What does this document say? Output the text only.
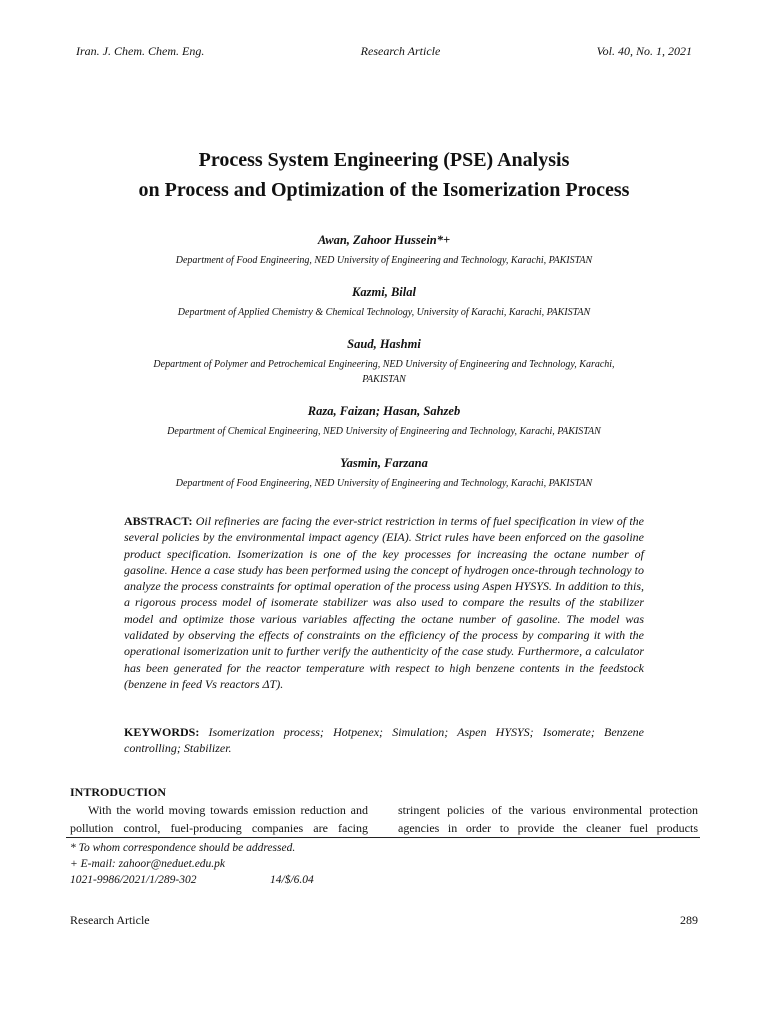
Iran. J. Chem. Chem. Eng.	Research Article	Vol. 40, No. 1, 2021
Process System Engineering (PSE) Analysis
on Process and Optimization of the Isomerization Process
Awan, Zahoor Hussein*+
Department of Food Engineering, NED University of Engineering and Technology, Karachi, PAKISTAN
Kazmi, Bilal
Department of Applied Chemistry & Chemical Technology, University of Karachi, Karachi, PAKISTAN
Saud, Hashmi
Department of Polymer and Petrochemical Engineering, NED University of Engineering and Technology, Karachi, PAKISTAN
Raza, Faizan; Hasan, Sahzeb
Department of Chemical Engineering, NED University of Engineering and Technology, Karachi, PAKISTAN
Yasmin, Farzana
Department of Food Engineering, NED University of Engineering and Technology, Karachi, PAKISTAN
ABSTRACT: Oil refineries are facing the ever-strict restriction in terms of fuel specification in view of the several policies by the environmental impact agency (EIA). Strict rules have been enforced on the gasoline product specification. Isomerization is one of the key processes for increasing the octane number of gasoline. Hence a case study has been performed using the concept of hydrogen once-through technology to analyze the process constraints for optimal operation of the process using Aspen HYSYS. In addition to this, a rigorous process model of isomerate stabilizer was also used to compare the results of the stabilizer model and optimize those various variables affecting the octane number of gasoline. The model was validated by observing the effects of constraints on the efficiency of the process by comparing it with the operational isomerization unit to further verify the authenticity of the case study. Furthermore, a calculator has been generated for the reactor temperature with respect to high benzene contents in the feedstock (benzene in feed Vs reactors ΔT).
KEYWORDS: Isomerization process; Hotpenex; Simulation; Aspen HYSYS; Isomerate; Benzene controlling; Stabilizer.
INTRODUCTION
With the world moving towards emission reduction and pollution control, fuel-producing companies are facing
stringent policies of the various environmental protection agencies in order to provide the cleaner fuel products
* To whom correspondence should be addressed.
+ E-mail: zahoor@neduet.edu.pk
1021-9986/2021/1/289-302	14/$/6.04
Research Article	289
